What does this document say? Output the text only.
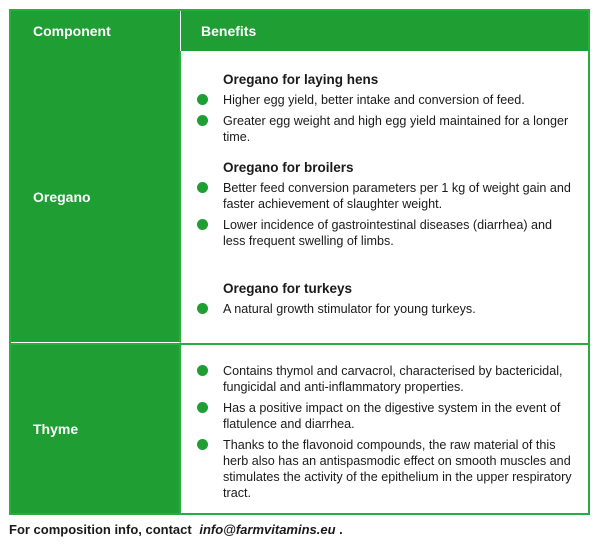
Component	Benefits
Oregano
Oregano for laying hens
Higher egg yield, better intake and conversion of feed.
Greater egg weight and high egg yield maintained for a longer time.
Oregano for broilers
Better feed conversion parameters per 1 kg of weight gain and faster achievement of slaughter weight.
Lower incidence of gastrointestinal diseases (diarrhea) and less frequent swelling of limbs.
Oregano for turkeys
A natural growth stimulator for young turkeys.
Thyme
Contains thymol and carvacrol, characterised by bactericidal, fungicidal and anti-inflammatory properties.
Has a positive impact on the digestive system in the event of flatulence and diarrhea.
Thanks to the flavonoid compounds, the raw material of this herb also has an antispasmodic effect on smooth muscles and stimulates the activity of the epithelium in the upper respiratory tract.
For composition info, contact info@farmvitamins.eu .
